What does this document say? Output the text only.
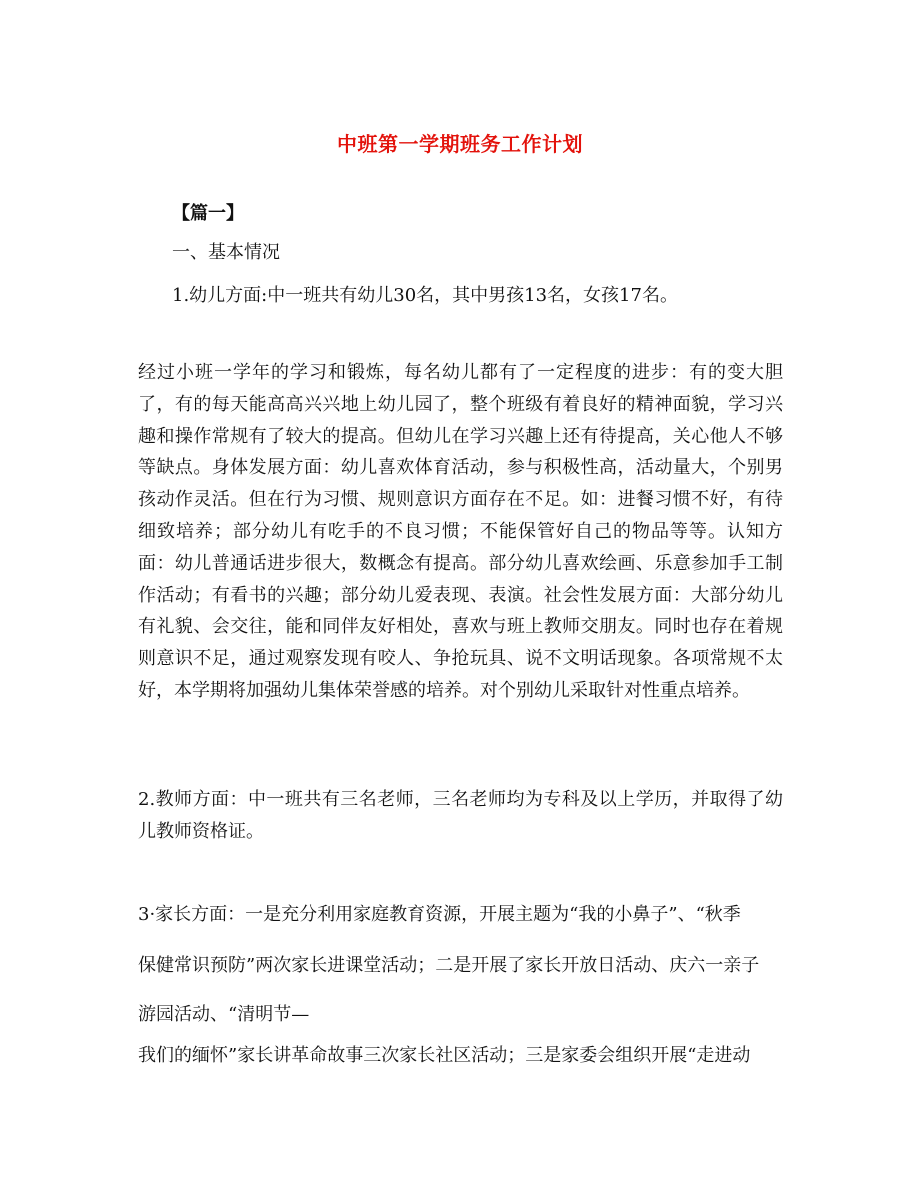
中班第一学期班务工作计划
【篇一】
一、基本情况
1.幼儿方面:中一班共有幼儿30名，其中男孩13名，女孩17名。

经过小班一学年的学习和锻炼，每名幼儿都有了一定程度的进步：有的变大胆了，有的每天能高高兴兴地上幼儿园了，整个班级有着良好的精神面貌，学习兴趣和操作常规有了较大的提高。但幼儿在学习兴趣上还有待提高，关心他人不够等缺点。身体发展方面：幼儿喜欢体育活动，参与积极性高，活动量大，个别男孩动作灵活。但在行为习惯、规则意识方面存在不足。如：进餐习惯不好，有待细致培养；部分幼儿有吃手的不良习惯；不能保管好自己的物品等等。认知方面：幼儿普通话进步很大，数概念有提高。部分幼儿喜欢绘画、乐意参加手工制作活动；有看书的兴趣；部分幼儿爱表现、表演。社会性发展方面：大部分幼儿有礼貌、会交往，能和同伴友好相处，喜欢与班上教师交朋友。同时也存在着规则意识不足，通过观察发现有咬人、争抢玩具、说不文明话现象。各项常规不太好，本学期将加强幼儿集体荣誉感的培养。对个别幼儿采取针对性重点培养。

2.教师方面：中一班共有三名老师，三名老师均为专科及以上学历，并取得了幼儿教师资格证。

3·家长方面：一是充分利用家庭教育资源，开展主题为“我的小鼻子”、“秋季
保健常识预防”两次家长进课堂活动；二是开展了家长开放日活动、庆六一亲子
游园活动、“清明节—
我们的缅怀”家长讲革命故事三次家长社区活动；三是家委会组织开展“走进动
